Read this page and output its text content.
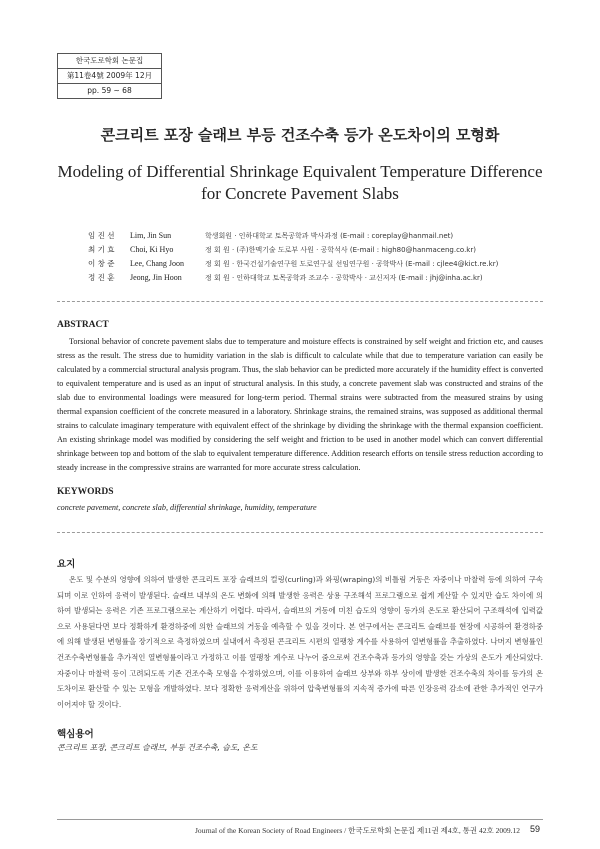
한국도로학회 논문집
第11卷4號 2009年 12月
pp. 59 ~ 68
콘크리트 포장 슬래브 부등 건조수축 등가 온도차이의 모형화
Modeling of Differential Shrinkage Equivalent Temperature Difference
for Concrete Pavement Slabs
임 진 선	Lim, Jin Sun	학생회원 · 인하대학교 토목공학과 박사과정 (E-mail : coreplay@hanmail.net)
최 기 효	Choi, Ki Hyo	정 회 원 · (주)한맥기술 도로부 사원 · 공학석사 (E-mail : high80@hanmaceng.co.kr)
이 창 준	Lee, Chang Joon	정 회 원 · 한국건설기술연구원 도로연구실 선임연구원 · 공학박사 (E-mail : cjlee4@kict.re.kr)
정 진 훈	Jeong, Jin Hoon	정 회 원 · 인하대학교 토목공학과 조교수 · 공학박사 · 교신저자 (E-mail : jhj@inha.ac.kr)
ABSTRACT
Torsional behavior of concrete pavement slabs due to temperature and moisture effects is constrained by self weight and friction etc, and causes stress as the result. The stress due to humidity variation in the slab is difficult to calculate while that due to temperature variation can easily be calculated by a commercial structural analysis program. Thus, the slab behavior can be predicted more accurately if the humidity effect is converted to equivalent temperature and is used as an input of structural analysis. In this study, a concrete pavement slab was constructed and strains of the slab due to environmental loadings were measured for long-term period. Thermal strains were subtracted from the measured strains by using thermal expansion coefficient of the concrete measured in a laboratory. Shrinkage strains, the remained strains, was supposed as additional thermal strains to calculate imaginary temperature with equivalent effect of the shrinkage by dividing the shrinkage with the thermal expansion coefficient. An existing shrinkage model was modified by considering the self weight and friction to be used in another model which can convert differential shrinkage between top and bottom of the slab to equivalent temperature difference. Addition research efforts on tensile stress reduction according to steady increase in the compressive strains are warranted for more accurate stress calculation.
KEYWORDS
concrete pavement, concrete slab, differential shrinkage, humidity, temperature
요지
온도 및 수분의 영향에 의하여 발생한 콘크리트 포장 슬래브의 컬링(curling)과 와핑(wraping)의 비틀림 거동은 자중이나 마찰력 등에 의하여 구속되며 이로 인하여 응력이 발생된다. 슬래브 내부의 온도 변화에 의해 발생한 응력은 상용 구조해석 프로그램으로 쉽게 계산할 수 있지만 습도 차이에 의하여 발생되는 응력은 기존 프로그램으로는 계산하기 어렵다. 따라서, 슬래브의 거동에 미친 습도의 영향이 등가의 온도로 환산되어 구조해석에 입력값으로 사용된다면 보다 정확하게 환경하중에 의한 슬래브의 거동을 예측할 수 있을 것이다. 본 연구에서는 콘크리트 슬래브를 현장에 시공하여 환경하중에 의해 발생된 변형률을 장기적으로 측정하였으며 실내에서 측정된 콘크리트 시편의 열팽창 계수를 사용하여 열변형률을 추출하였다. 나머지 변형률인 건조수축변형률을 추가적인 열변형률이라고 가정하고 이를 열팽창 계수로 나누어 줌으로써 건조수축과 등가의 영향을 갖는 가상의 온도가 계산되었다. 자중이나 마찰력 등이 고려되도록 기존 건조수축 모형을 수정하였으며, 이를 이용하여 슬래브 상부와 하부 상이에 발생한 건조수축의 차이를 등가의 온도차이로 환산할 수 있는 모형을 개발하였다. 보다 정확한 응력계산을 위하여 압축변형률의 지속적 증가에 따른 인장응력 감소에 관한 추가적인 연구가 이어져야 할 것이다.
핵심용어
콘크리트 포장, 콘크리트 슬래브, 부등 건조수축, 습도, 온도
Journal of the Korean Society of Road Engineers / 한국도로학회 논문집 제11권 제4호, 통권 42호 2009.12 59
